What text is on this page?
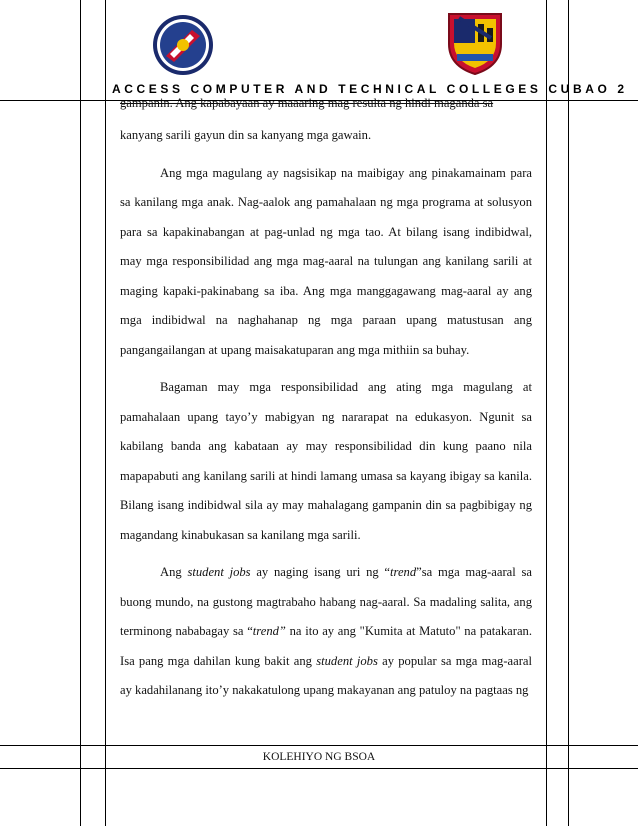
ACCESS COMPUTER AND TECHNICAL COLLEGES CUBAO 2

gampanin. Ang kapabayaan ay maaaring mag resulta ng hindi maganda sa

kanyang sarili gayun din sa kanyang mga gawain.

Ang mga magulang ay nagsisikap na maibigay ang pinakamainam para sa kanilang mga anak. Nag-aalok ang pamahalaan ng mga programa at solusyon para sa kapakinabangan at pag-unlad ng mga tao. At bilang isang indibidwal, may mga responsibilidad ang mga mag-aaral na tulungan ang kanilang sarili at maging kapaki-pakinabang sa iba. Ang mga manggagawang mag-aaral ay ang mga indibidwal na naghahanap ng mga paraan upang matustusan ang pangangailangan at upang maisakatuparan ang mga mithiin sa buhay.

Bagaman may mga responsibilidad ang ating mga magulang at pamahalaan upang tayo’y mabigyan ng nararapat na edukasyon. Ngunit sa kabilang banda ang kabataan ay may responsibilidad din kung paano nila mapapabuti ang kanilang sarili at hindi lamang umasa sa kayang ibigay sa kanila. Bilang isang indibidwal sila ay may mahalagang gampanin din sa pagbibigay ng magandang kinabukasan sa kanilang mga sarili.

Ang student jobs ay naging isang uri ng “trend”sa mga mag-aaral sa buong mundo, na gustong magtrabaho habang nag-aaral. Sa madaling salita, ang terminong nababagay sa “trend” na ito ay ang "Kumita at Matuto" na patakaran. Isa pang mga dahilan kung bakit ang student jobs ay popular sa mga mag-aaral ay kadahilanang ito’y nakakatulong upang makayanan ang patuloy na pagtaas ng

KOLEHIYO NG BSOA
